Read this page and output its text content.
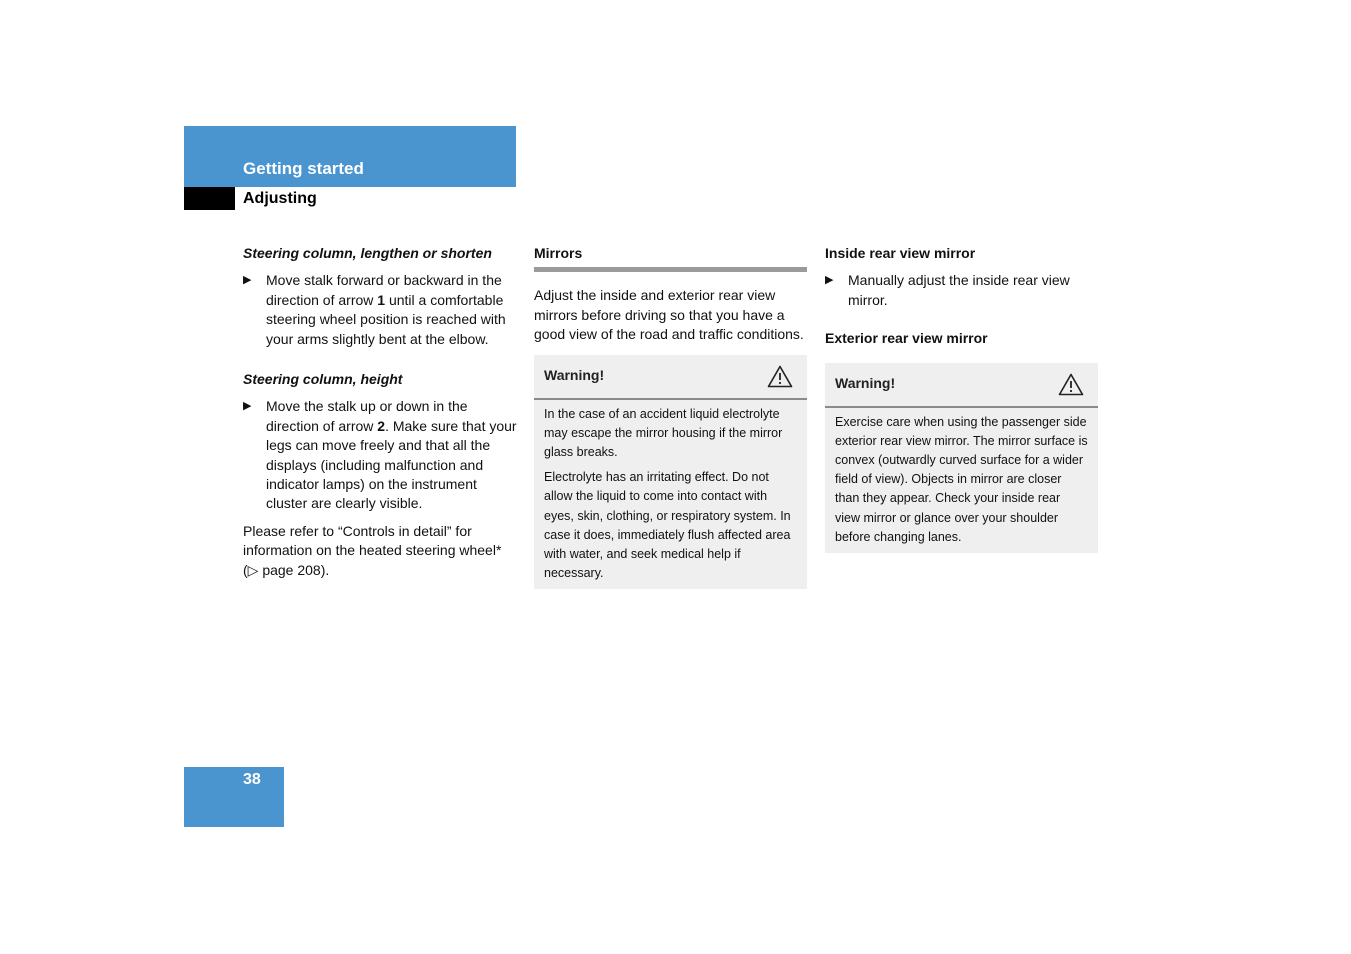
Getting started
Adjusting
Steering column, lengthen or shorten
▶	Move stalk forward or backward in the direction of arrow 1 until a comfortable steering wheel position is reached with your arms slightly bent at the elbow.
Steering column, height
▶	Move the stalk up or down in the direction of arrow 2. Make sure that your legs can move freely and that all the displays (including malfunction and indicator lamps) on the instrument cluster are clearly visible.

Please refer to “Controls in detail” for information on the heated steering wheel* (▷ page 208).

Mirrors

Adjust the inside and exterior rear view mirrors before driving so that you have a good view of the road and traffic conditions.

Warning!

In the case of an accident liquid electrolyte may escape the mirror housing if the mirror glass breaks.

Electrolyte has an irritating effect. Do not allow the liquid to come into contact with eyes, skin, clothing, or respiratory system. In case it does, immediately flush affected area with water, and seek medical help if necessary.

Inside rear view mirror
▶	Manually adjust the inside rear view mirror.
Exterior rear view mirror
Warning!

Exercise care when using the passenger side exterior rear view mirror. The mirror surface is convex (outwardly curved surface for a wider field of view). Objects in mirror are closer than they appear. Check your inside rear view mirror or glance over your shoulder before changing lanes.

38
